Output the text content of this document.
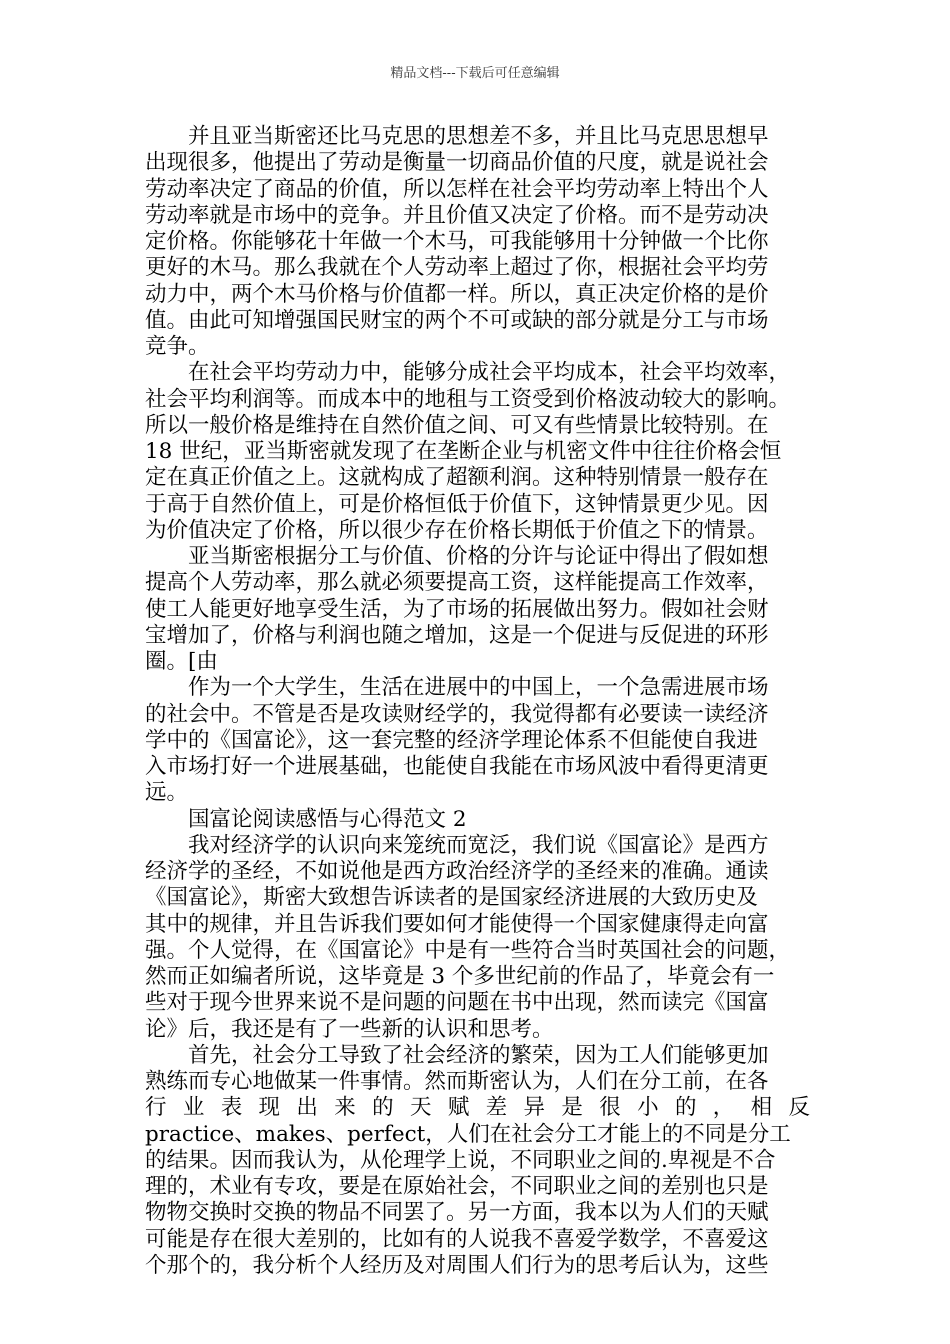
精品文档---下载后可任意编辑
　　并且亚当斯密还比马克思的思想差不多，并且比马克思思想早
出现很多，他提出了劳动是衡量一切商品价值的尺度，就是说社会
劳动率决定了商品的价值，所以怎样在社会平均劳动率上特出个人
劳动率就是市场中的竞争。并且价值又决定了价格。而不是劳动决
定价格。你能够花十年做一个木马，可我能够用十分钟做一个比你
更好的木马。那么我就在个人劳动率上超过了你，根据社会平均劳
动力中，两个木马价格与价值都一样。所以，真正决定价格的是价
值。由此可知增强国民财宝的两个不可或缺的部分就是分工与市场
竞争。
　　在社会平均劳动力中，能够分成社会平均成本，社会平均效率，
社会平均利润等。而成本中的地租与工资受到价格波动较大的影响。
所以一般价格是维持在自然价值之间、可又有些情景比较特别。在
18 世纪，亚当斯密就发现了在垄断企业与机密文件中往往价格会恒
定在真正价值之上。这就构成了超额利润。这种特别情景一般存在
于高于自然价值上，可是价格恒低于价值下，这钟情景更少见。因
为价值决定了价格，所以很少存在价格长期低于价值之下的情景。
　　亚当斯密根据分工与价值、价格的分许与论证中得出了假如想
提高个人劳动率，那么就必须要提高工资，这样能提高工作效率，
使工人能更好地享受生活，为了市场的拓展做出努力。假如社会财
宝增加了，价格与利润也随之增加，这是一个促进与反促进的环形
圈。[由
　　作为一个大学生，生活在进展中的中国上，一个急需进展市场
的社会中。不管是否是攻读财经学的，我觉得都有必要读一读经济
学中的《国富论》，这一套完整的经济学理论体系不但能使自我进
入市场打好一个进展基础，也能使自我能在市场风波中看得更清更
远。
　　国富论阅读感悟与心得范文 2
　　我对经济学的认识向来笼统而宽泛，我们说《国富论》是西方
经济学的圣经，不如说他是西方政治经济学的圣经来的准确。通读
《国富论》，斯密大致想告诉读者的是国家经济进展的大致历史及
其中的规律，并且告诉我们要如何才能使得一个国家健康得走向富
强。个人觉得，在《国富论》中是有一些符合当时英国社会的问题，
然而正如编者所说，这毕竟是 3 个多世纪前的作品了，毕竟会有一
些对于现今世界来说不是问题的问题在书中出现，然而读完《国富
论》后，我还是有了一些新的认识和思考。
　　首先，社会分工导致了社会经济的繁荣，因为工人们能够更加
熟练而专心地做某一件事情。然而斯密认为，人们在分工前，在各
行 业 表 现 出 来 的 天 赋 差 异 是 很 小 的 ， 相 反
practice、makes、perfect，人们在社会分工才能上的不同是分工
的结果。因而我认为，从伦理学上说，不同职业之间的.卑视是不合
理的，术业有专攻，要是在原始社会，不同职业之间的差别也只是
物物交换时交换的物品不同罢了。另一方面，我本以为人们的天赋
可能是存在很大差别的，比如有的人说我不喜爱学数学，不喜爱这
个那个的，我分析个人经历及对周围人们行为的思考后认为，这些
